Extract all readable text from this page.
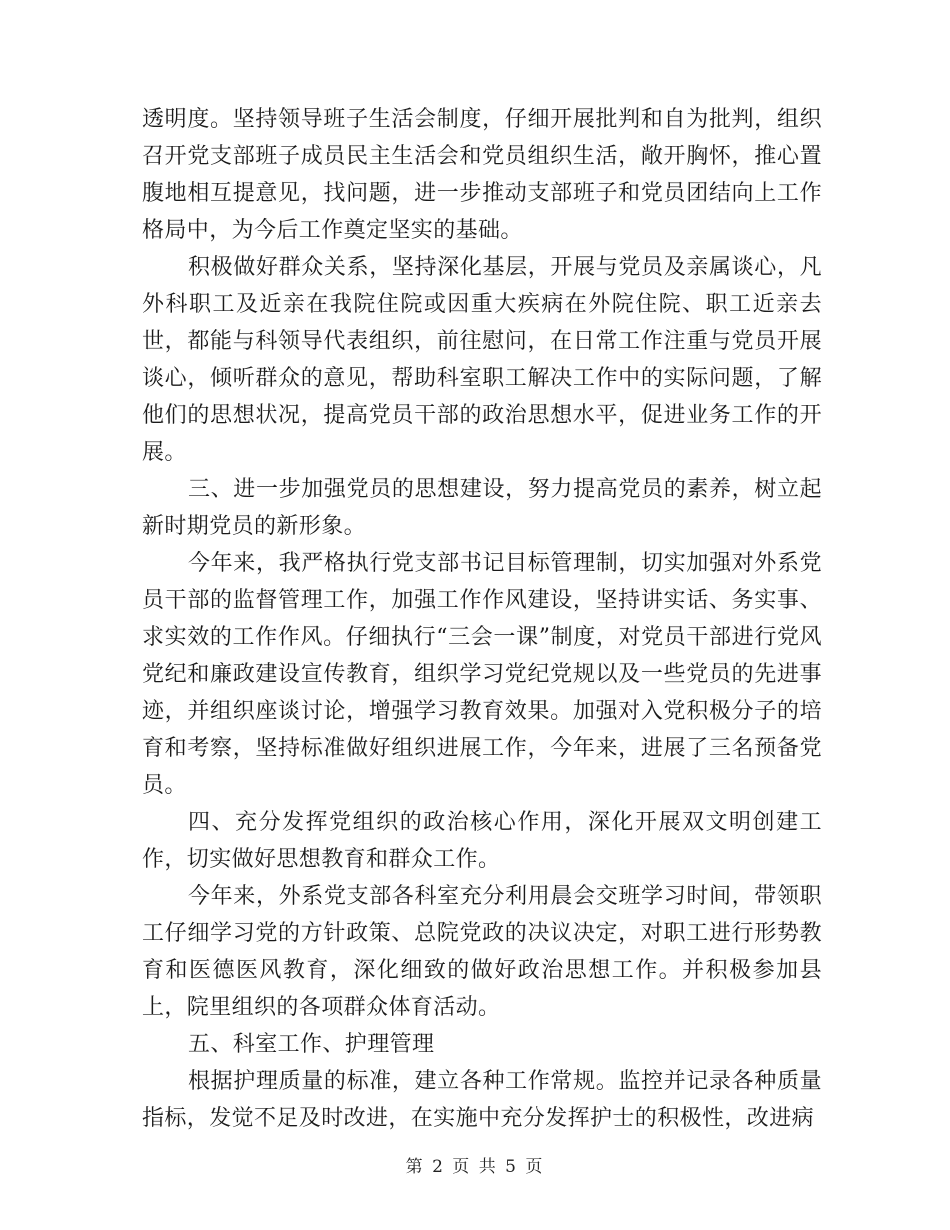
透明度。坚持领导班子生活会制度，仔细开展批判和自为批判，组织召开党支部班子成员民主生活会和党员组织生活，敞开胸怀，推心置腹地相互提意见，找问题，进一步推动支部班子和党员团结向上工作格局中，为今后工作奠定坚实的基础。

积极做好群众关系，坚持深化基层，开展与党员及亲属谈心，凡外科职工及近亲在我院住院或因重大疾病在外院住院、职工近亲去世，都能与科领导代表组织，前往慰问，在日常工作注重与党员开展谈心，倾听群众的意见，帮助科室职工解决工作中的实际问题，了解他们的思想状况，提高党员干部的政治思想水平，促进业务工作的开展。

三、进一步加强党员的思想建设，努力提高党员的素养，树立起新时期党员的新形象。

今年来，我严格执行党支部书记目标管理制，切实加强对外系党员干部的监督管理工作，加强工作作风建设，坚持讲实话、务实事、求实效的工作作风。仔细执行“三会一课”制度，对党员干部进行党风党纪和廉政建设宣传教育，组织学习党纪党规以及一些党员的先进事迹，并组织座谈讨论，增强学习教育效果。加强对入党积极分子的培育和考察，坚持标准做好组织进展工作，今年来，进展了三名预备党员。

四、充分发挥党组织的政治核心作用，深化开展双文明创建工作，切实做好思想教育和群众工作。

今年来，外系党支部各科室充分利用晨会交班学习时间，带领职工仔细学习党的方针政策、总院党政的决议决定，对职工进行形势教育和医德医风教育，深化细致的做好政治思想工作。并积极参加县上，院里组织的各项群众体育活动。

五、科室工作、护理管理

根据护理质量的标准，建立各种工作常规。监控并记录各种质量指标，发觉不足及时改进，在实施中充分发挥护士的积极性，改进病

第 2 页 共 5 页
